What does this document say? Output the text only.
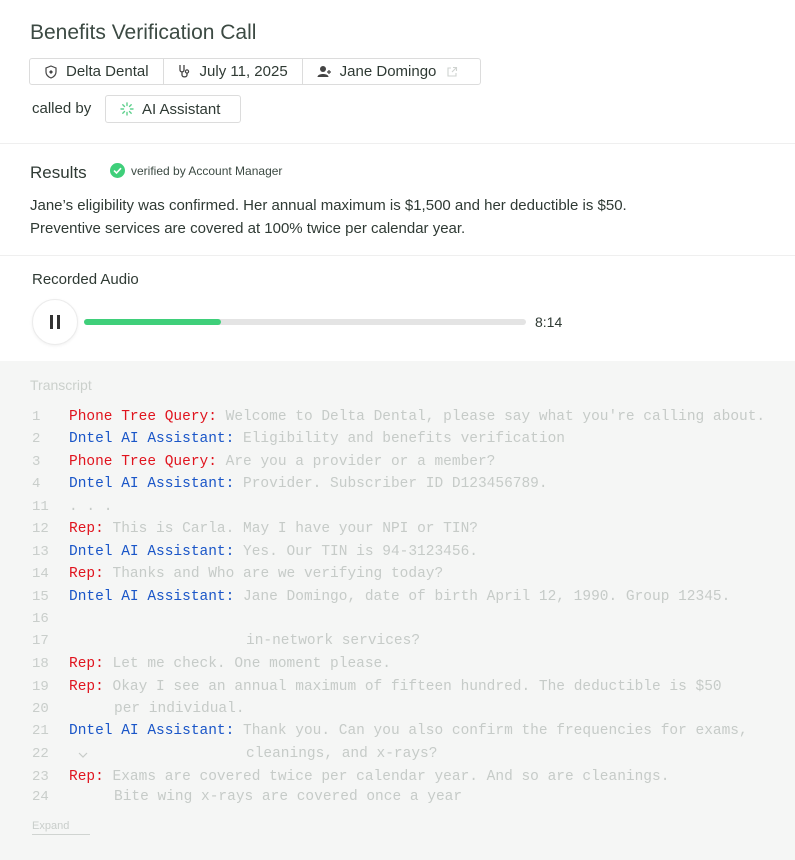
Benefits Verification Call
Delta Dental	July 11, 2025	Jane Domingo
called by	AI Assistant
Results	verified by Account Manager
Jane’s eligibility was confirmed. Her annual maximum is $1,500 and her deductible is $50.
Preventive services are covered at 100% twice per calendar year.
Recorded Audio
8:14
Transcript
1 Phone Tree Query: Welcome to Delta Dental, please say what you're calling about.
2 Dntel AI Assistant: Eligibility and benefits verification
3 Phone Tree Query: Are you a provider or a member?
4 Dntel AI Assistant: Provider. Subscriber ID D123456789.
11 . . .
12 Rep: This is Carla. May I have your NPI or TIN?
13 Dntel AI Assistant: Yes. Our TIN is 94-3123456.
14 Rep: Thanks and Who are we verifying today?
15 Dntel AI Assistant: Jane Domingo, date of birth April 12, 1990. Group 12345.
16
17	in-network services?
18 Rep: Let me check. One moment please.
19 Rep: Okay I see an annual maximum of fifteen hundred. The deductible is $50
20	per individual.
21 Dntel AI Assistant: Thank you. Can you also confirm the frequencies for exams,
22	cleanings, and x-rays?
23 Rep: Exams are covered twice per calendar year. And so are cleanings.
24	Bite wing x-rays are covered once a year
Expand
